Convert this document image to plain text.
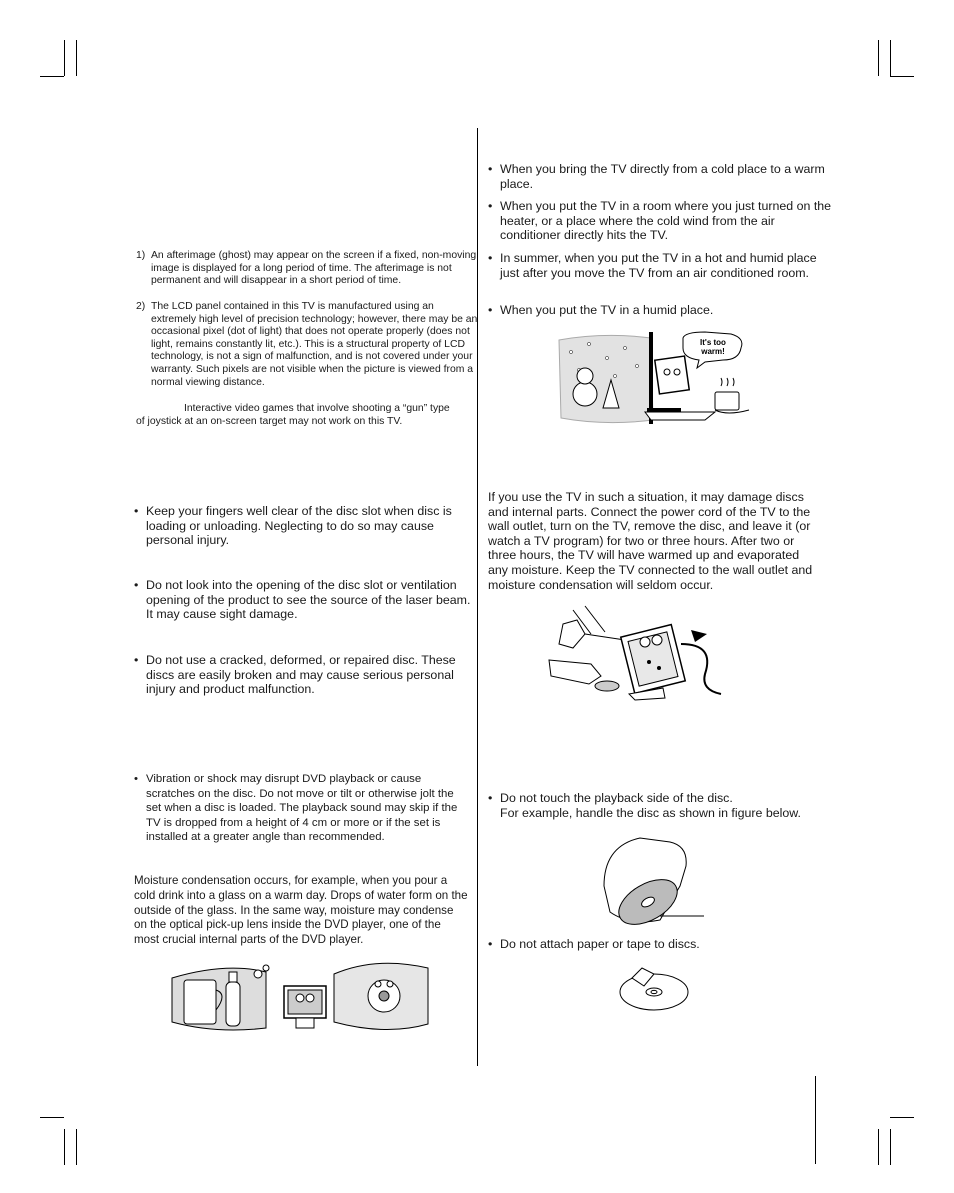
1) An afterimage (ghost) may appear on the screen if a fixed, non-moving image is displayed for a long period of time. The afterimage is not permanent and will disappear in a short period of time.
2) The LCD panel contained in this TV is manufactured using an extremely high level of precision technology; however, there may be an occasional pixel (dot of light) that does not operate properly (does not light, remains constantly lit, etc.). This is a structural property of LCD technology, is not a sign of malfunction, and is not covered under your warranty. Such pixels are not visible when the picture is viewed from a normal viewing distance.
Interactive video games that involve shooting a “gun” type
of joystick at an on-screen target may not work on this TV.
• Keep your fingers well clear of the disc slot when disc is loading or unloading. Neglecting to do so may cause personal injury.
• Do not look into the opening of the disc slot or ventilation opening of the product to see the source of the laser beam. It may cause sight damage.
• Do not use a cracked, deformed, or repaired disc. These discs are easily broken and may cause serious personal injury and product malfunction.
• Vibration or shock may disrupt DVD playback or cause scratches on the disc. Do not move or tilt or otherwise jolt the set when a disc is loaded. The playback sound may skip if the TV is dropped from a height of 4 cm or more or if the set is installed at a greater angle than recommended.
Moisture condensation occurs, for example, when you pour a cold drink into a glass on a warm day. Drops of water form on the outside of the glass. In the same way, moisture may condense on the optical pick-up lens inside the DVD player, one of the most crucial internal parts of the DVD player.
• When you bring the TV directly from a cold place to a warm place.
• When you put the TV in a room where you just turned on the heater, or a place where the cold wind from the air conditioner directly hits the TV.
• In summer, when you put the TV in a hot and humid place just after you move the TV from an air conditioned room.
• When you put the TV in a humid place.
It's too
warm!
If you use the TV in such a situation, it may damage discs and internal parts. Connect the power cord of the TV to the wall outlet, turn on the TV, remove the disc, and leave it (or watch a TV program) for two or three hours. After two or three hours, the TV will have warmed up and evaporated any moisture. Keep the TV connected to the wall outlet and moisture condensation will seldom occur.
• Do not touch the playback side of the disc.
For example, handle the disc as shown in figure below.
• Do not attach paper or tape to discs.
